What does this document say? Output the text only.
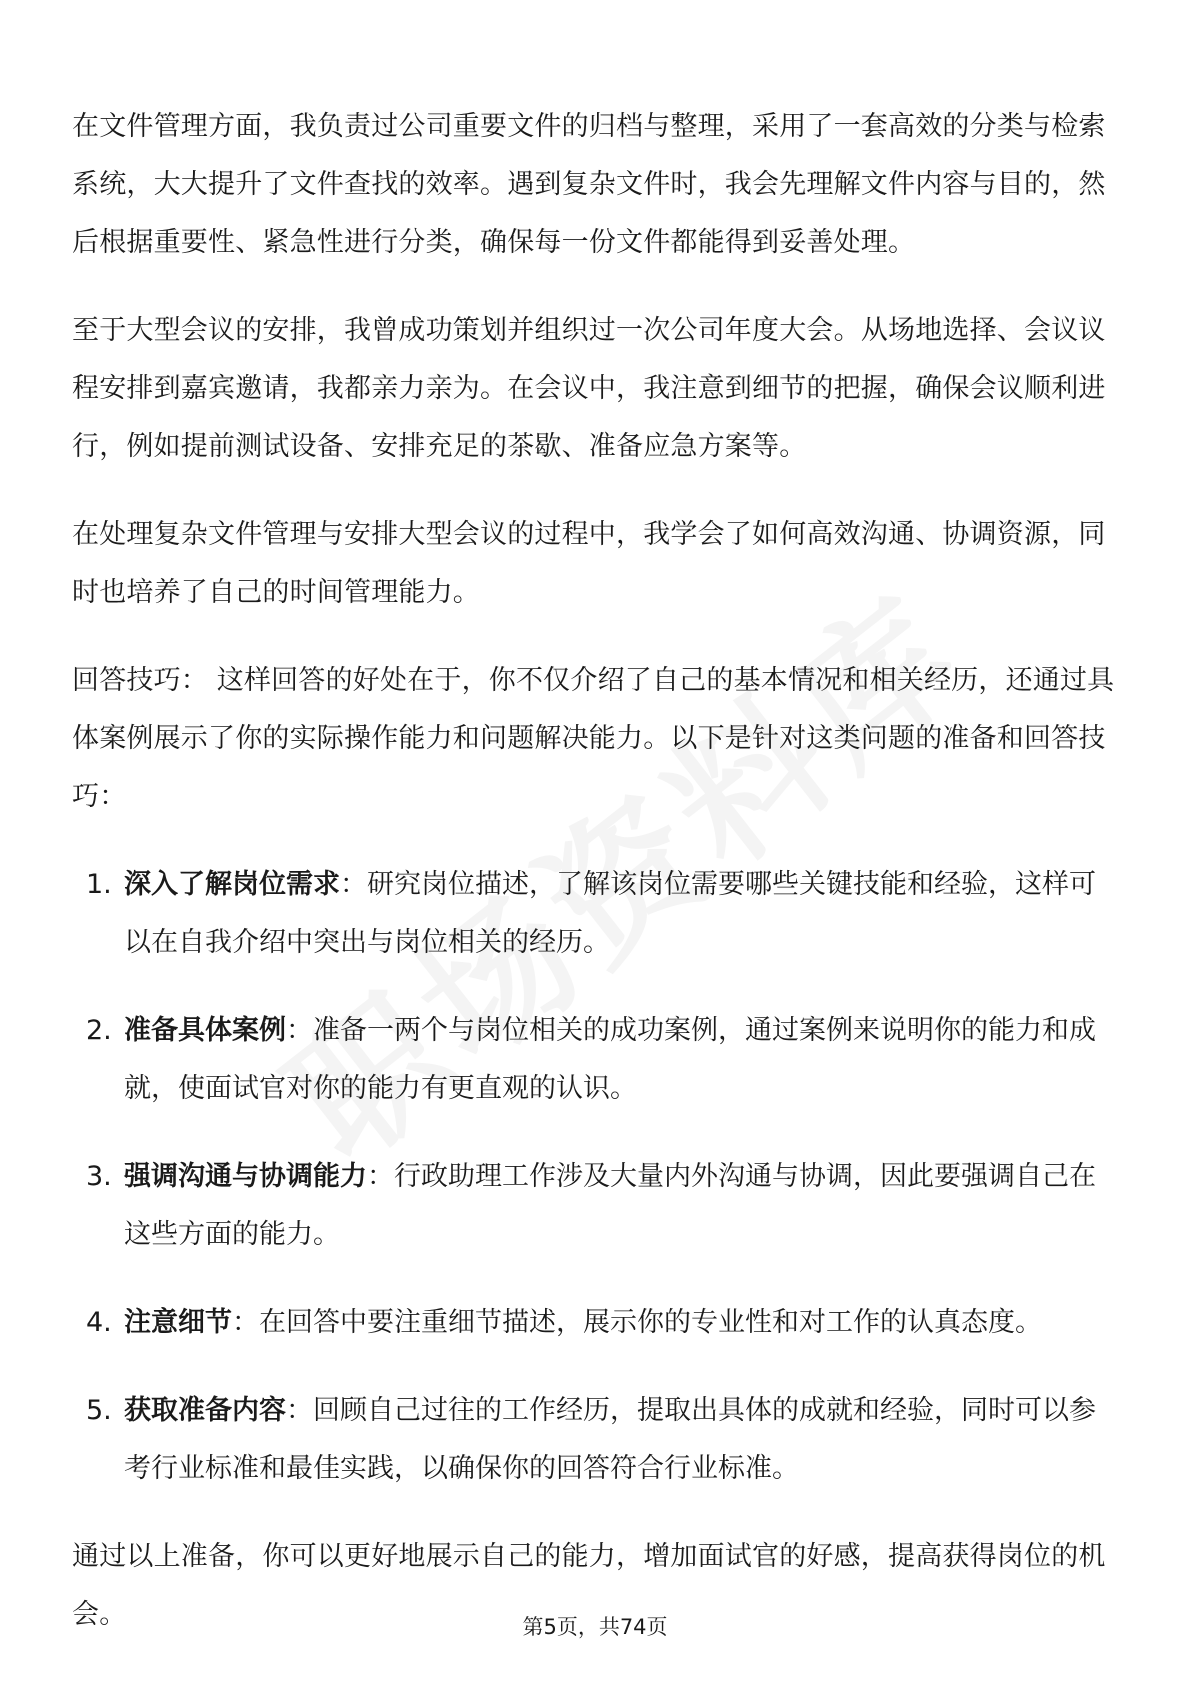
在文件管理方面，我负责过公司重要文件的归档与整理，采用了一套高效的分类与检索系统，大大提升了文件查找的效率。遇到复杂文件时，我会先理解文件内容与目的，然后根据重要性、紧急性进行分类，确保每一份文件都能得到妥善处理。

至于大型会议的安排，我曾成功策划并组织过一次公司年度大会。从场地选择、会议议程安排到嘉宾邀请，我都亲力亲为。在会议中，我注意到细节的把握，确保会议顺利进行，例如提前测试设备、安排充足的茶歇、准备应急方案等。

在处理复杂文件管理与安排大型会议的过程中，我学会了如何高效沟通、协调资源，同时也培养了自己的时间管理能力。

回答技巧： 这样回答的好处在于，你不仅介绍了自己的基本情况和相关经历，还通过具体案例展示了你的实际操作能力和问题解决能力。以下是针对这类问题的准备和回答技巧：

1. 深入了解岗位需求：研究岗位描述，了解该岗位需要哪些关键技能和经验，这样可以在自我介绍中突出与岗位相关的经历。
2. 准备具体案例：准备一两个与岗位相关的成功案例，通过案例来说明你的能力和成就，使面试官对你的能力有更直观的认识。
3. 强调沟通与协调能力：行政助理工作涉及大量内外沟通与协调，因此要强调自己在这些方面的能力。
4. 注意细节：在回答中要注重细节描述，展示你的专业性和对工作的认真态度。
5. 获取准备内容：回顾自己过往的工作经历，提取出具体的成就和经验，同时可以参考行业标准和最佳实践，以确保你的回答符合行业标准。

通过以上准备，你可以更好地展示自己的能力，增加面试官的好感，提高获得岗位的机会。	第5页，共74页
